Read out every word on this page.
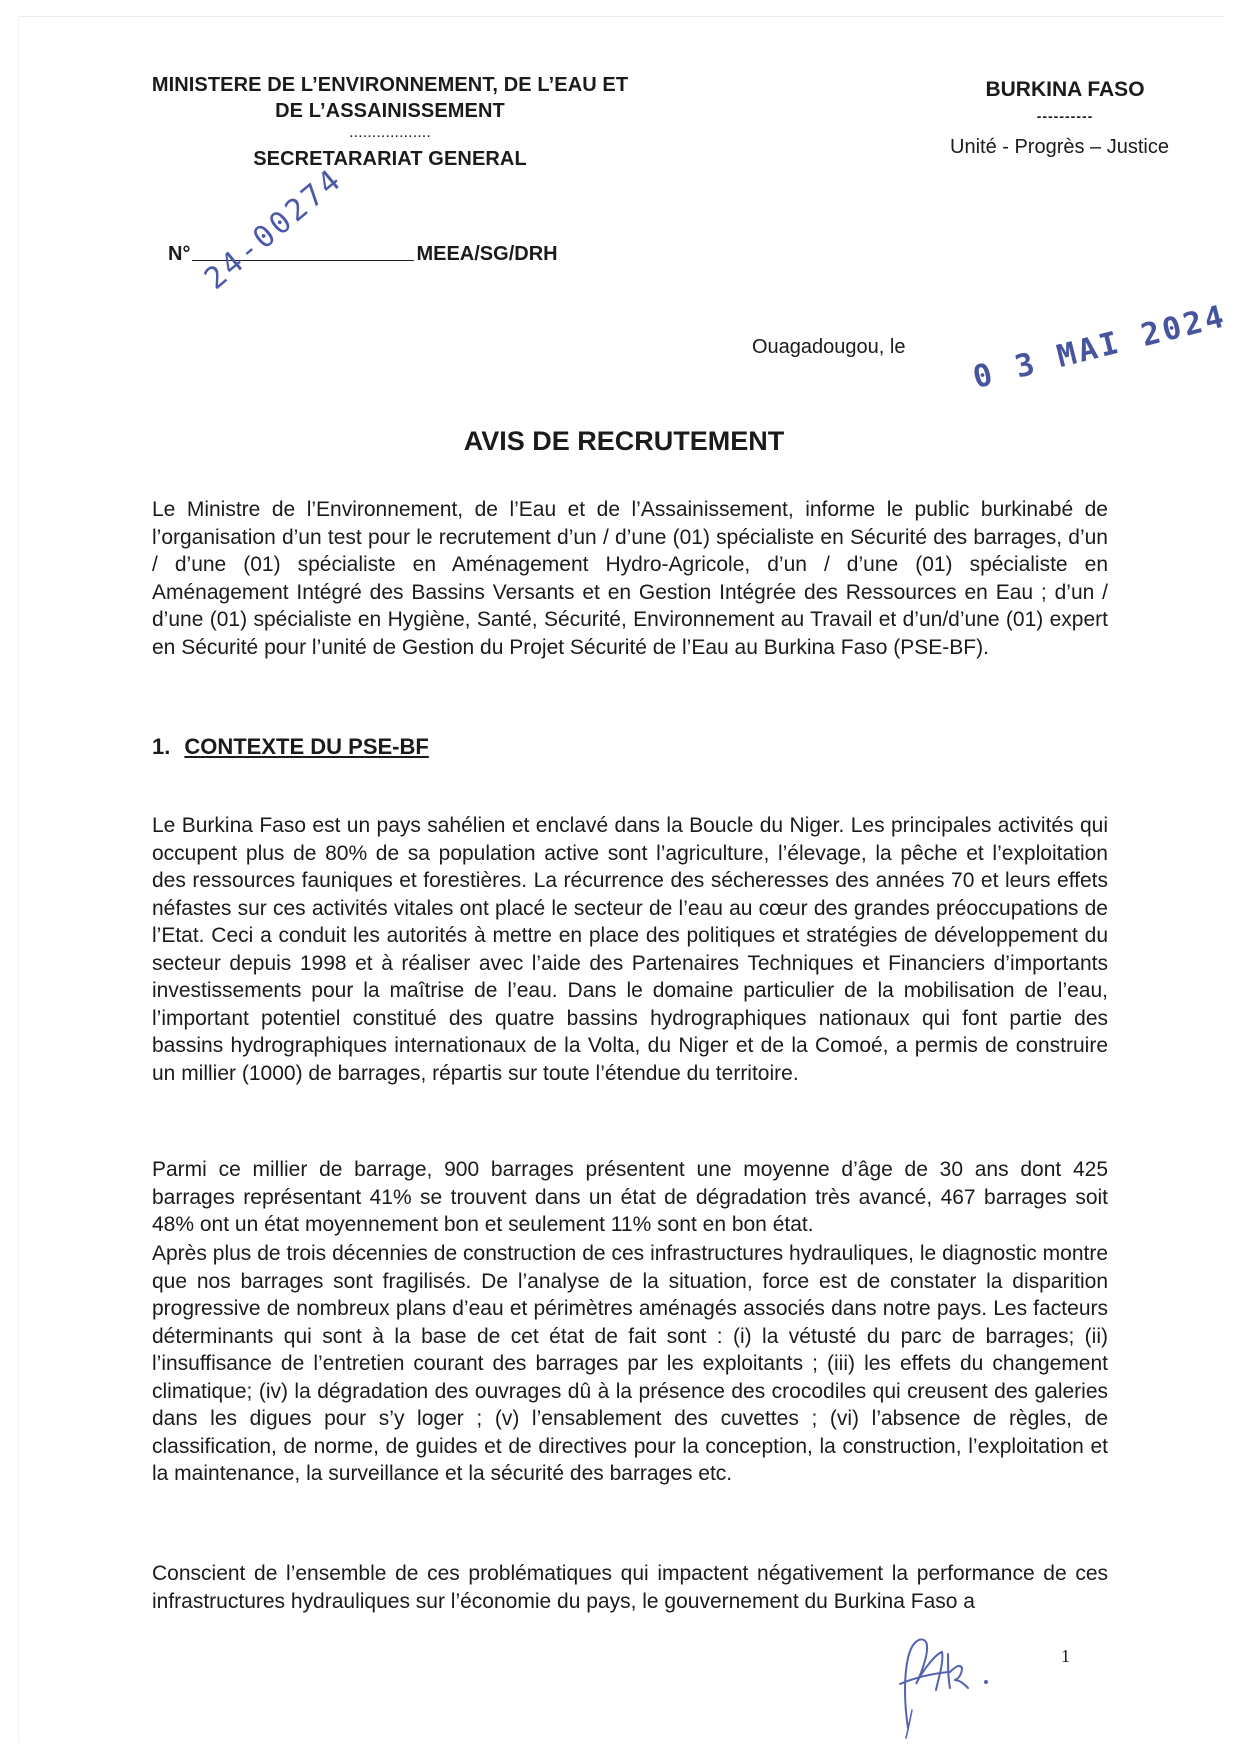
MINISTERE DE L’ENVIRONNEMENT, DE L’EAU ET
DE L’ASSAINISSEMENT
..................
SECRETARARIAT GENERAL
BURKINA FASO
----------
Unité - Progrès – Justice
N°	MEEA/SG/DRH
24-00274
Ouagadougou, le 0 3 MAI 2024
AVIS DE RECRUTEMENT
Le Ministre de l’Environnement, de l’Eau et de l’Assainissement, informe le public burkinabé de l’organisation d’un test pour le recrutement d’un / d’une (01) spécialiste en Sécurité des barrages, d’un / d’une (01) spécialiste en Aménagement Hydro-Agricole, d’un / d’une (01) spécialiste en Aménagement Intégré des Bassins Versants et en Gestion Intégrée des Ressources en Eau ; d’un / d’une (01) spécialiste en Hygiène, Santé, Sécurité, Environnement au Travail et d’un/d’une (01) expert en Sécurité pour l’unité de Gestion du Projet Sécurité de l’Eau au Burkina Faso (PSE-BF).
1. CONTEXTE DU PSE-BF
Le Burkina Faso est un pays sahélien et enclavé dans la Boucle du Niger. Les principales activités qui occupent plus de 80% de sa population active sont l’agriculture, l’élevage, la pêche et l’exploitation des ressources fauniques et forestières. La récurrence des sécheresses des années 70 et leurs effets néfastes sur ces activités vitales ont placé le secteur de l’eau au cœur des grandes préoccupations de l’Etat. Ceci a conduit les autorités à mettre en place des politiques et stratégies de développement du secteur depuis 1998 et à réaliser avec l’aide des Partenaires Techniques et Financiers d’importants investissements pour la maîtrise de l’eau. Dans le domaine particulier de la mobilisation de l’eau, l’important potentiel constitué des quatre bassins hydrographiques nationaux qui font partie des bassins hydrographiques internationaux de la Volta, du Niger et de la Comoé, a permis de construire un millier (1000) de barrages, répartis sur toute l’étendue du territoire.
Parmi ce millier de barrage, 900 barrages présentent une moyenne d’âge de 30 ans dont 425 barrages représentant 41% se trouvent dans un état de dégradation très avancé, 467 barrages soit 48% ont un état moyennement bon et seulement 11% sont en bon état.
Après plus de trois décennies de construction de ces infrastructures hydrauliques, le diagnostic montre que nos barrages sont fragilisés. De l’analyse de la situation, force est de constater la disparition progressive de nombreux plans d’eau et périmètres aménagés associés dans notre pays. Les facteurs déterminants qui sont à la base de cet état de fait sont : (i) la vétusté du parc de barrages; (ii) l’insuffisance de l’entretien courant des barrages par les exploitants ; (iii) les effets du changement climatique; (iv) la dégradation des ouvrages dû à la présence des crocodiles qui creusent des galeries dans les digues pour s’y loger ; (v) l’ensablement des cuvettes ; (vi) l’absence de règles, de classification, de norme, de guides et de directives pour la conception, la construction, l’exploitation et la maintenance, la surveillance et la sécurité des barrages etc.
Conscient de l’ensemble de ces problématiques qui impactent négativement la performance de ces infrastructures hydrauliques sur l’économie du pays, le gouvernement du Burkina Faso a
1
